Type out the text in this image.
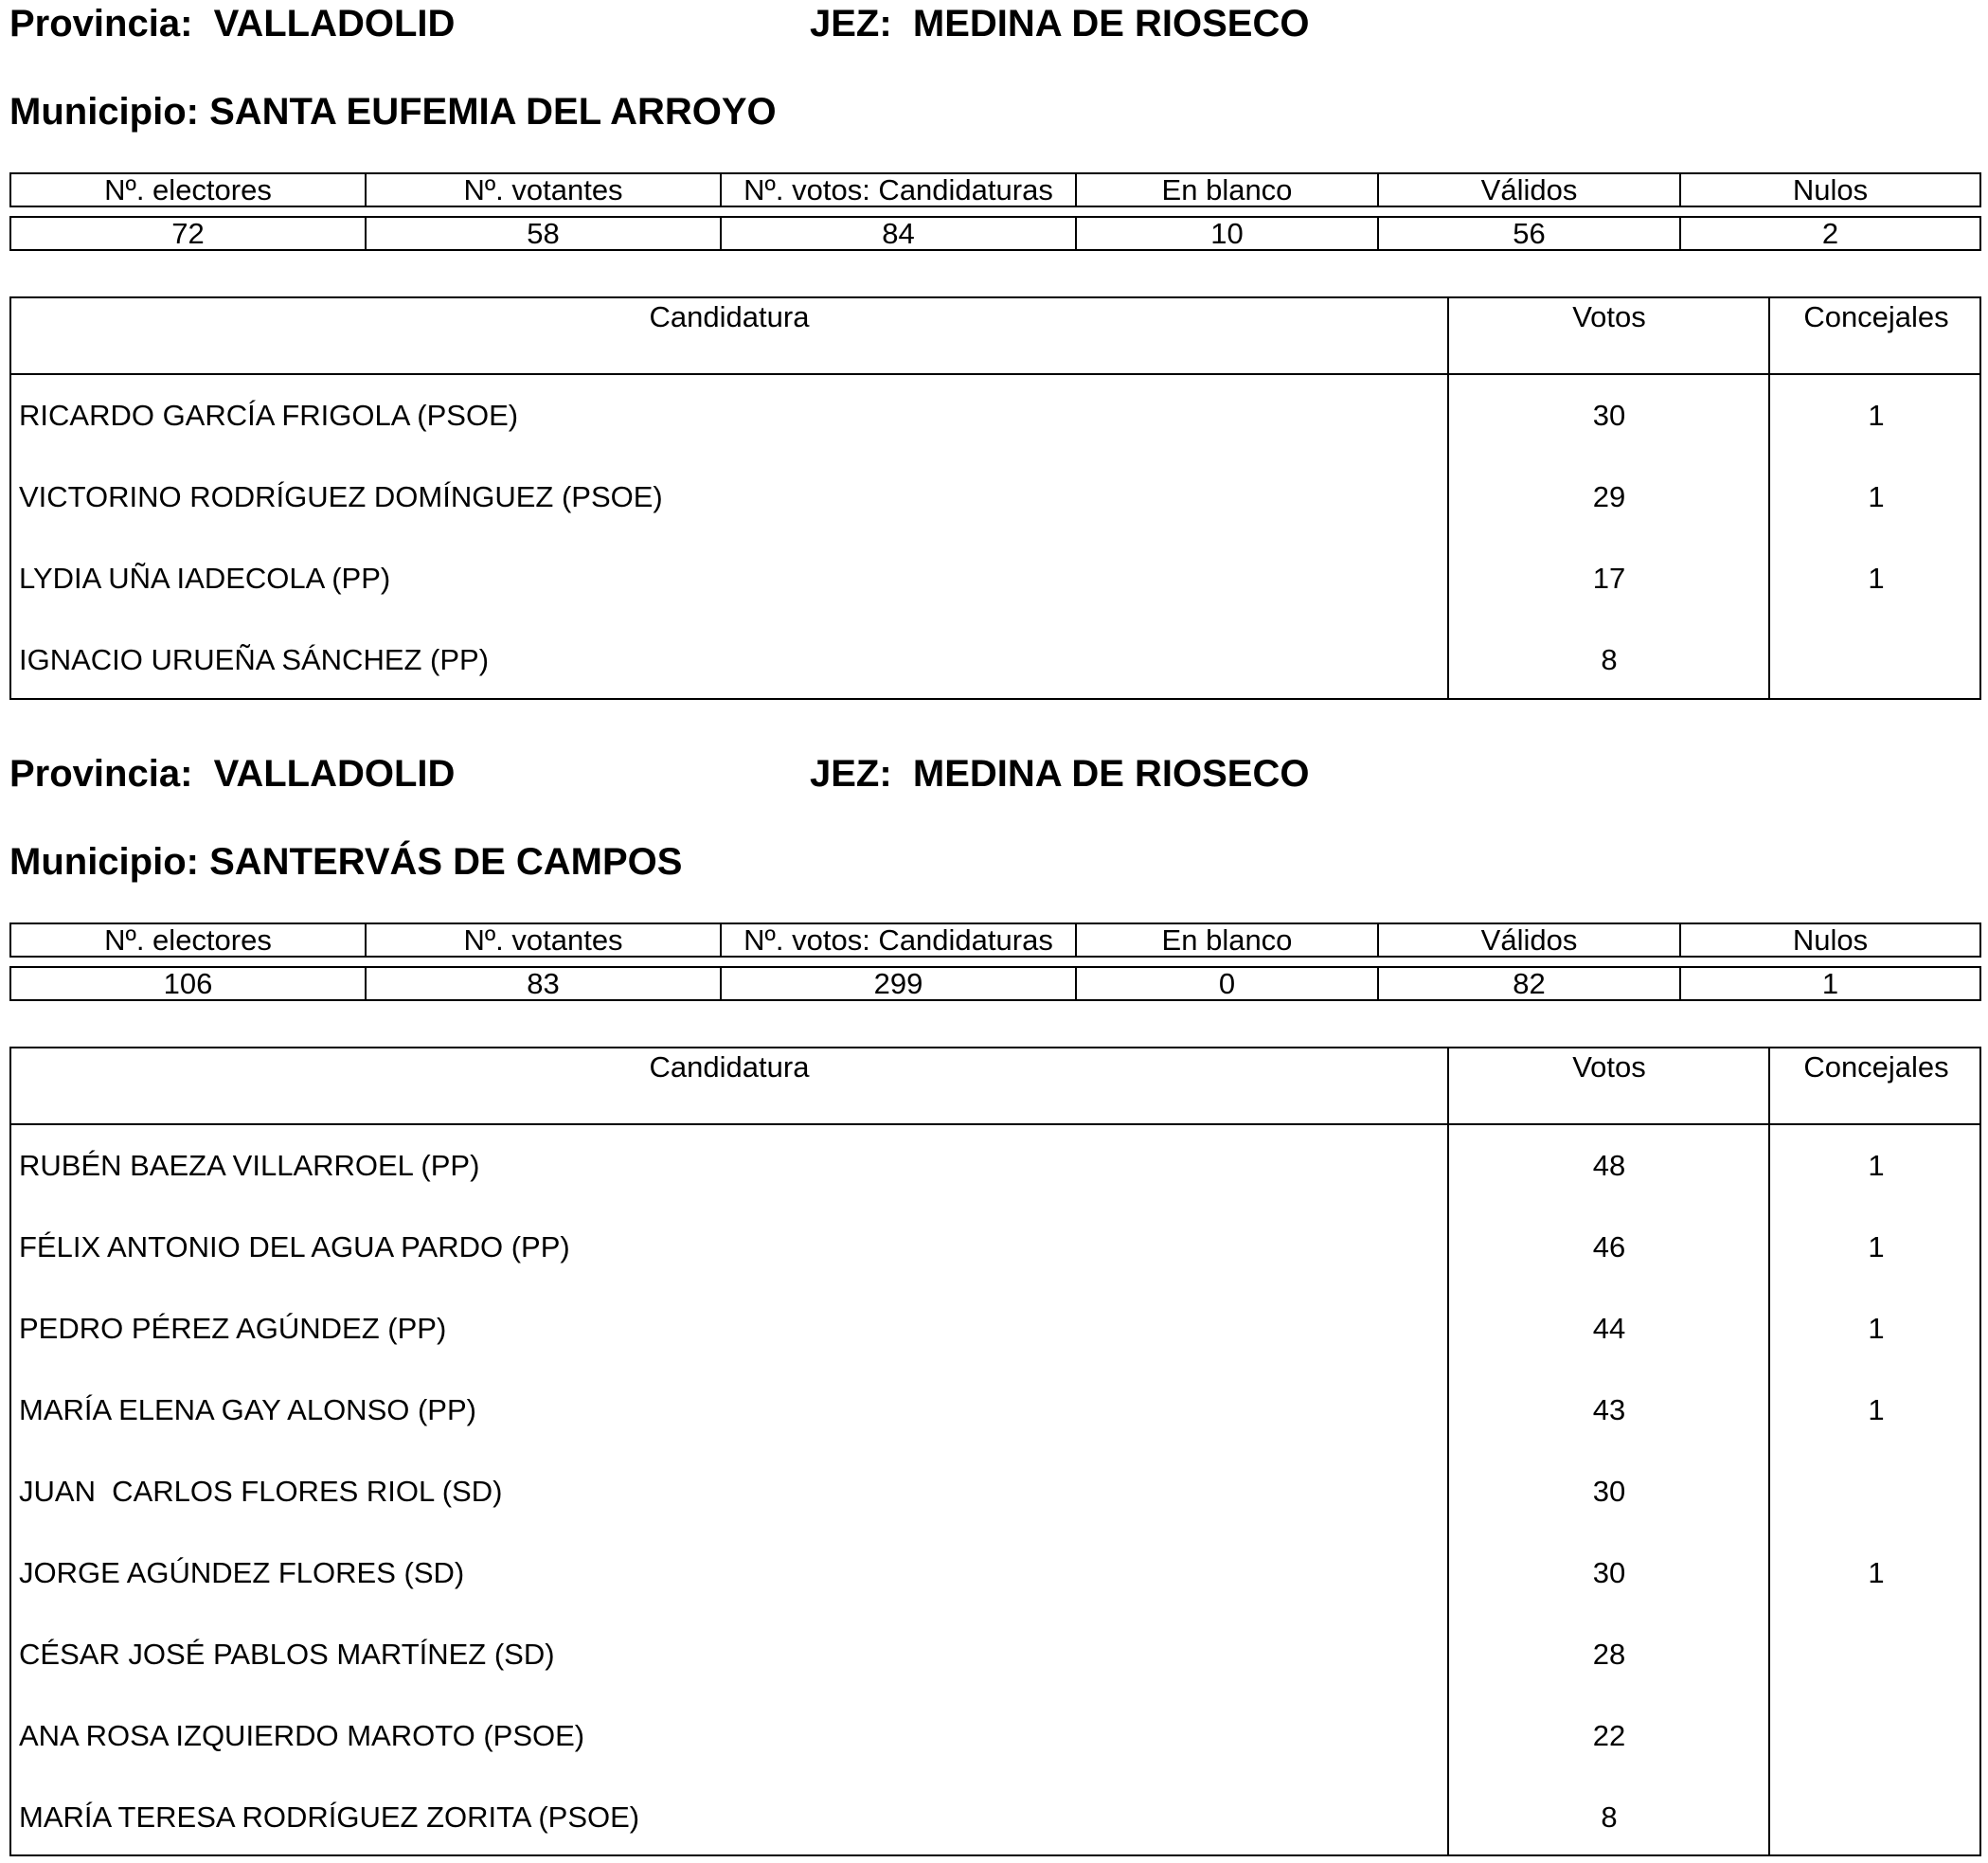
Provincia: VALLADOLID	JEZ: MEDINA DE RIOSECO
Municipio: SANTA EUFEMIA DEL ARROYO
Nº. electores	Nº. votantes	Nº. votos: Candidaturas	En blanco	Válidos	Nulos
72	58	84	10	56	2
Candidatura	Votos	Concejales
RICARDO GARCÍA FRIGOLA (PSOE)	30	1
VICTORINO RODRÍGUEZ DOMÍNGUEZ (PSOE)	29	1
LYDIA UÑA IADECOLA (PP)	17	1
IGNACIO URUEÑA SÁNCHEZ (PP)	8
Provincia: VALLADOLID	JEZ: MEDINA DE RIOSECO
Municipio: SANTERVÁS DE CAMPOS
Nº. electores	Nº. votantes	Nº. votos: Candidaturas	En blanco	Válidos	Nulos
106	83	299	0	82	1
Candidatura	Votos	Concejales
RUBÉN BAEZA VILLARROEL (PP)	48	1
FÉLIX ANTONIO DEL AGUA PARDO (PP)	46	1
PEDRO PÉREZ AGÚNDEZ (PP)	44	1
MARÍA ELENA GAY ALONSO (PP)	43	1
JUAN  CARLOS FLORES RIOL (SD)	30
JORGE AGÚNDEZ FLORES (SD)	30	1
CÉSAR JOSÉ PABLOS MARTÍNEZ (SD)	28
ANA ROSA IZQUIERDO MAROTO (PSOE)	22
MARÍA TERESA RODRÍGUEZ ZORITA (PSOE)	8
